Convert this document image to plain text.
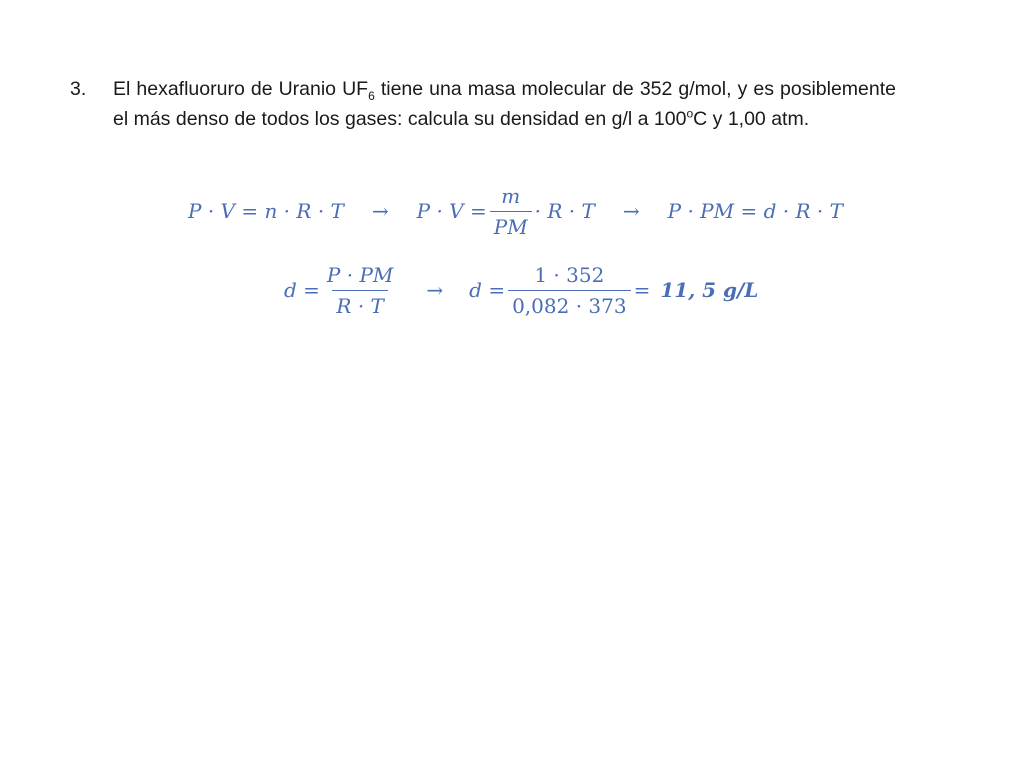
3. El hexafluoruro de Uranio $UF_6$ tiene una masa molecular de 352 g/mol, y es posiblemente el más denso de todos los gases: calcula su densidad en g/l a 100$^o$C y 1,00 atm.
$P \cdot V = n \cdot R \cdot T \to P \cdot V = \frac{m}{PM} \cdot R \cdot T \to P$ · PM = d · R · T
$d = \frac{P \cdot PM}{R \cdot T} \to d = \frac{1 \cdot 352}{0,082 \cdot 373} = 11$, 5 g/L
